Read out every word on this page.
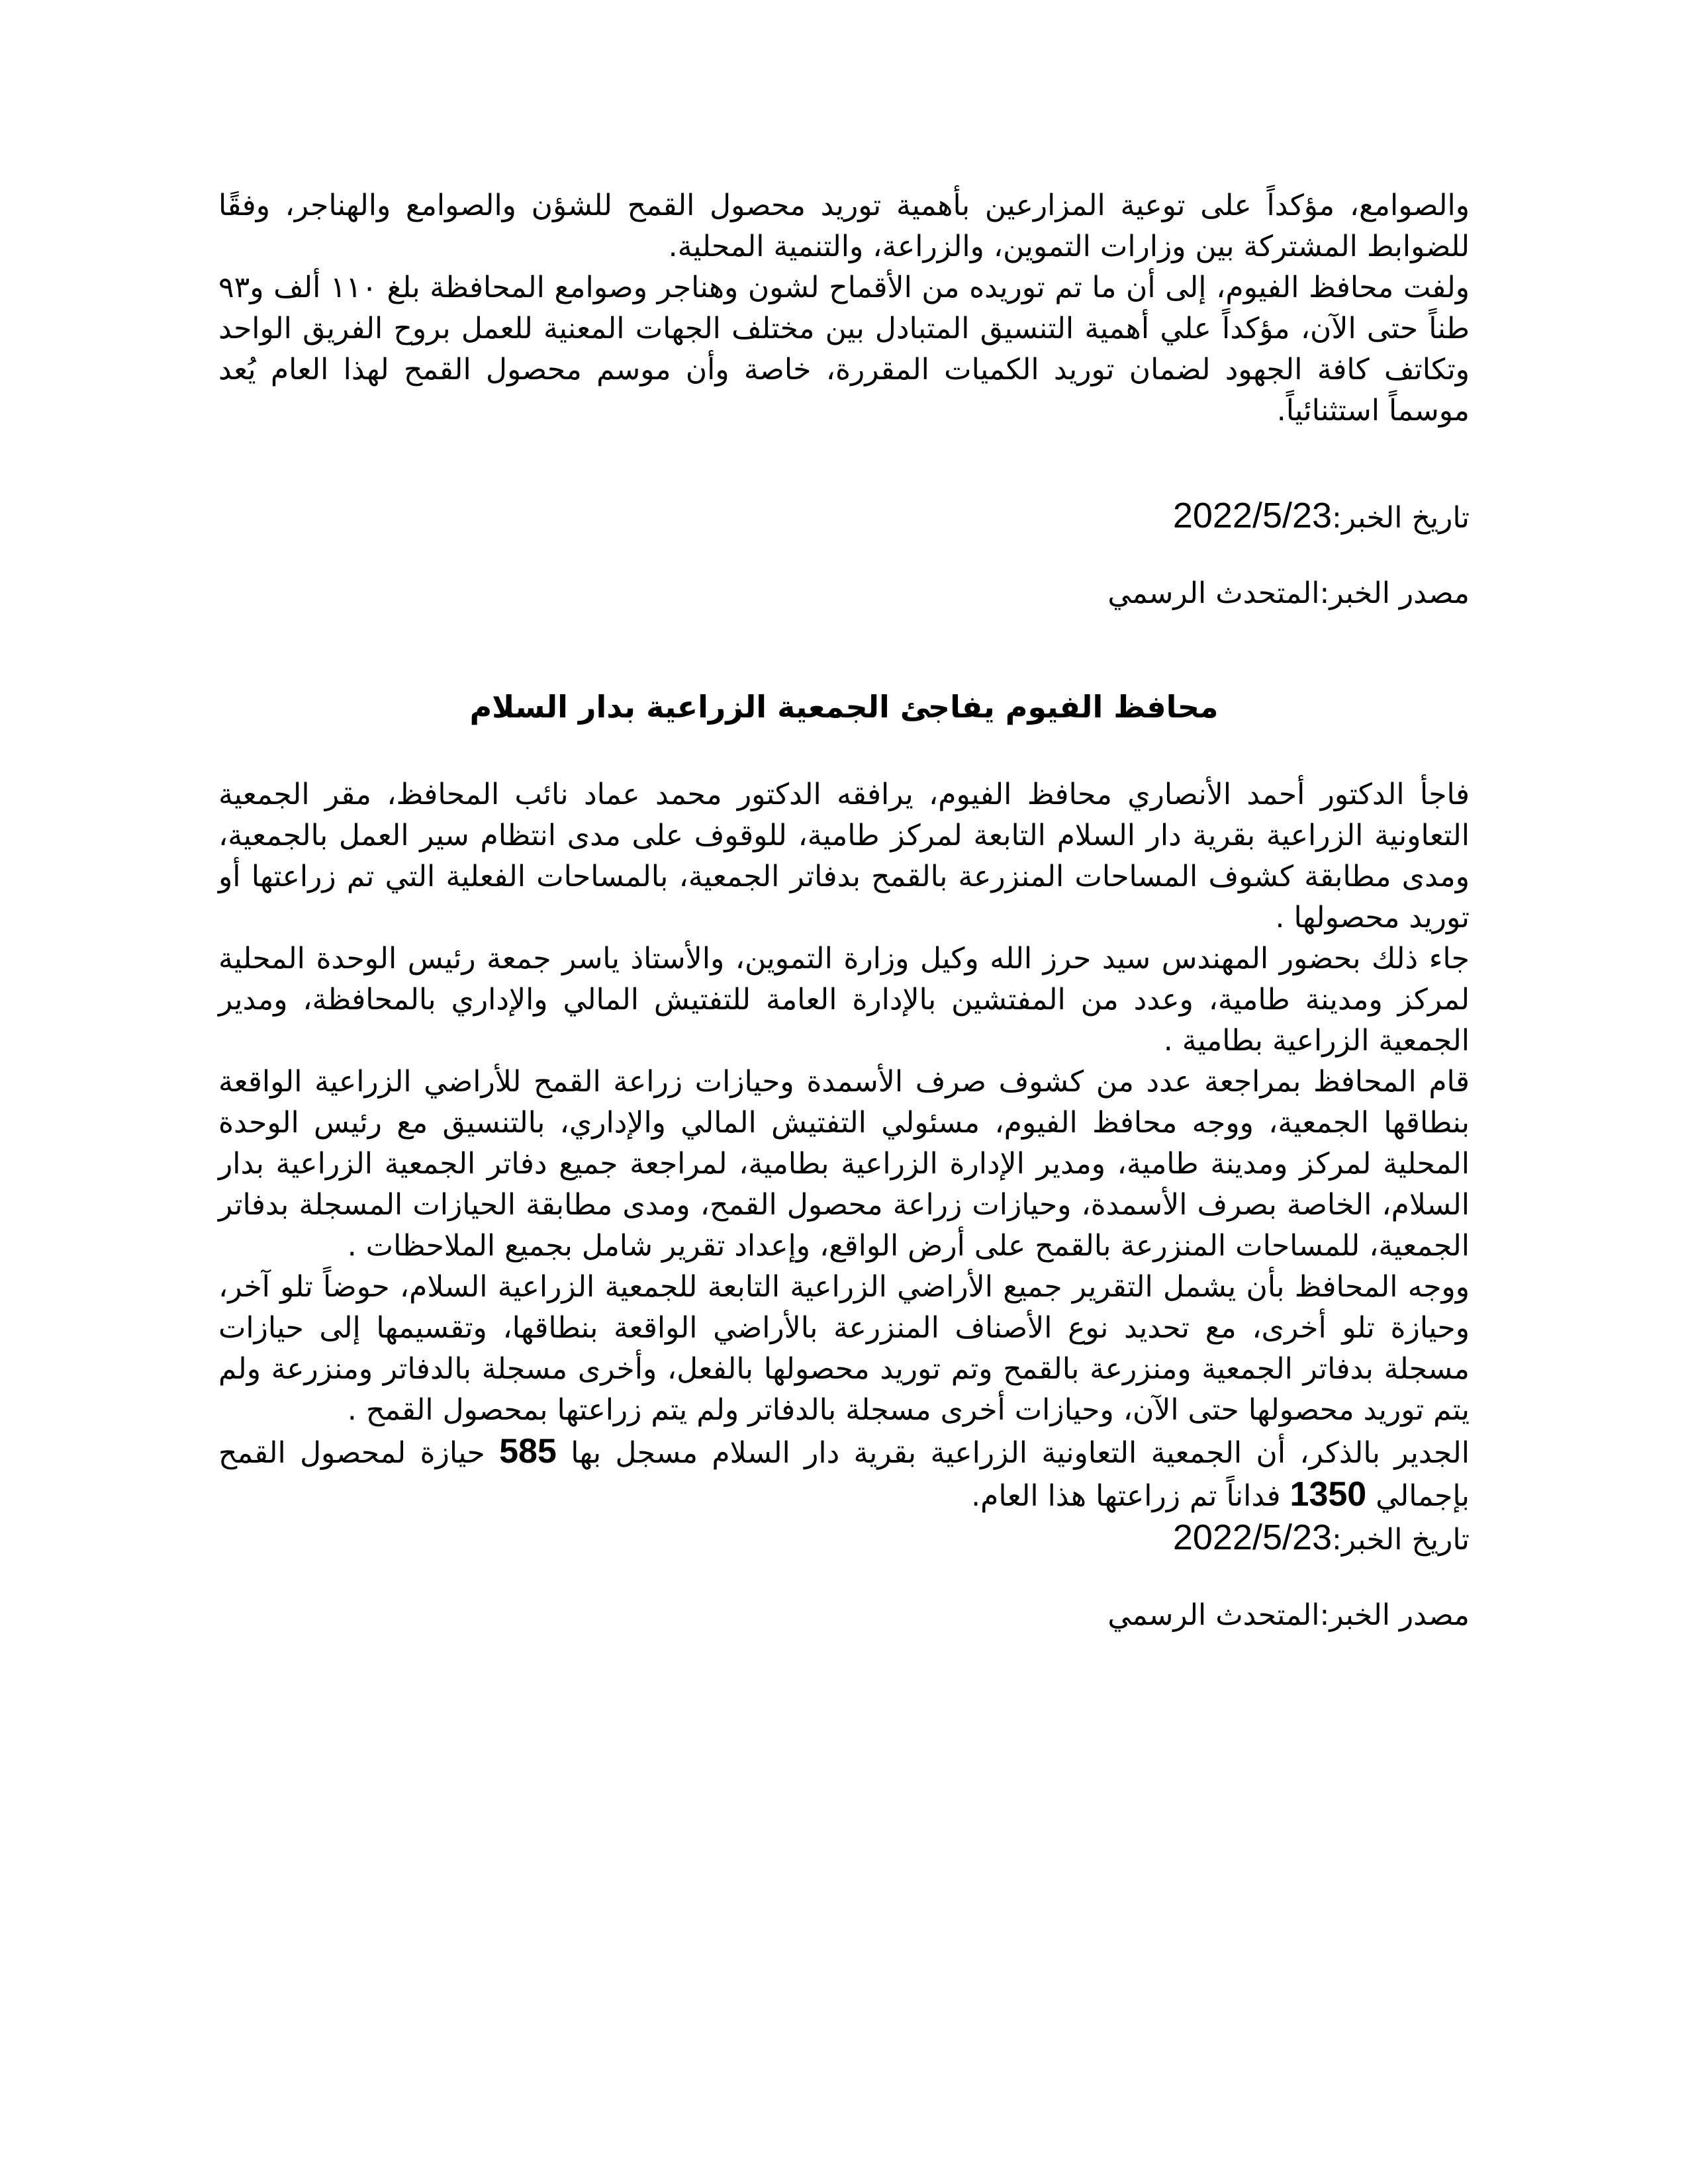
والصوامع، مؤكداً على توعية المزارعين بأهمية توريد محصول القمح للشؤن والصوامع والهناجر، وفقًا للضوابط المشتركة بين وزارات التموين، والزراعة، والتنمية المحلية.

ولفت محافظ الفيوم، إلى أن ما تم توريده من الأقماح لشون وهناجر وصوامع المحافظة بلغ ١١٠ ألف و٩٣ طناً حتى الآن، مؤكداً علي أهمية التنسيق المتبادل بين مختلف الجهات المعنية للعمل بروح الفريق الواحد وتكاتف كافة الجهود لضمان توريد الكميات المقررة، خاصة وأن موسم محصول القمح لهذا العام يُعد موسماً استثنائياً.

تاريخ الخبر:2022/5/23

مصدر الخبر:المتحدث الرسمي

محافظ الفيوم يفاجئ الجمعية الزراعية بدار السلام

فاجأ الدكتور أحمد الأنصاري محافظ الفيوم، يرافقه الدكتور محمد عماد نائب المحافظ، مقر الجمعية التعاونية الزراعية بقرية دار السلام التابعة لمركز طامية، للوقوف على مدى انتظام سير العمل بالجمعية، ومدى مطابقة كشوف المساحات المنزرعة بالقمح بدفاتر الجمعية، بالمساحات الفعلية التي تم زراعتها أو توريد محصولها .

جاء ذلك بحضور المهندس سيد حرز الله وكيل وزارة التموين، والأستاذ ياسر جمعة رئيس الوحدة المحلية لمركز ومدينة طامية، وعدد من المفتشين بالإدارة العامة للتفتيش المالي والإداري بالمحافظة، ومدير الجمعية الزراعية بطامية .

قام المحافظ بمراجعة عدد من كشوف صرف الأسمدة وحيازات زراعة القمح للأراضي الزراعية الواقعة بنطاقها الجمعية، ووجه محافظ الفيوم، مسئولي التفتيش المالي والإداري، بالتنسيق مع رئيس الوحدة المحلية لمركز ومدينة طامية، ومدير الإدارة الزراعية بطامية، لمراجعة جميع دفاتر الجمعية الزراعية بدار السلام، الخاصة بصرف الأسمدة، وحيازات زراعة محصول القمح، ومدى مطابقة الحيازات المسجلة بدفاتر الجمعية، للمساحات المنزرعة بالقمح على أرض الواقع، وإعداد تقرير شامل بجميع الملاحظات .

ووجه المحافظ بأن يشمل التقرير جميع الأراضي الزراعية التابعة للجمعية الزراعية السلام، حوضاً تلو آخر، وحيازة تلو أخرى، مع تحديد نوع الأصناف المنزرعة بالأراضي الواقعة بنطاقها، وتقسيمها إلى حيازات مسجلة بدفاتر الجمعية ومنزرعة بالقمح وتم توريد محصولها بالفعل، وأخرى مسجلة بالدفاتر ومنزرعة ولم يتم توريد محصولها حتى الآن، وحيازات أخرى مسجلة بالدفاتر ولم يتم زراعتها بمحصول القمح .

الجدير بالذكر، أن الجمعية التعاونية الزراعية بقرية دار السلام مسجل بها 585 حيازة لمحصول القمح بإجمالي 1350 فداناً تم زراعتها هذا العام.

تاريخ الخبر:2022/5/23

مصدر الخبر:المتحدث الرسمي
